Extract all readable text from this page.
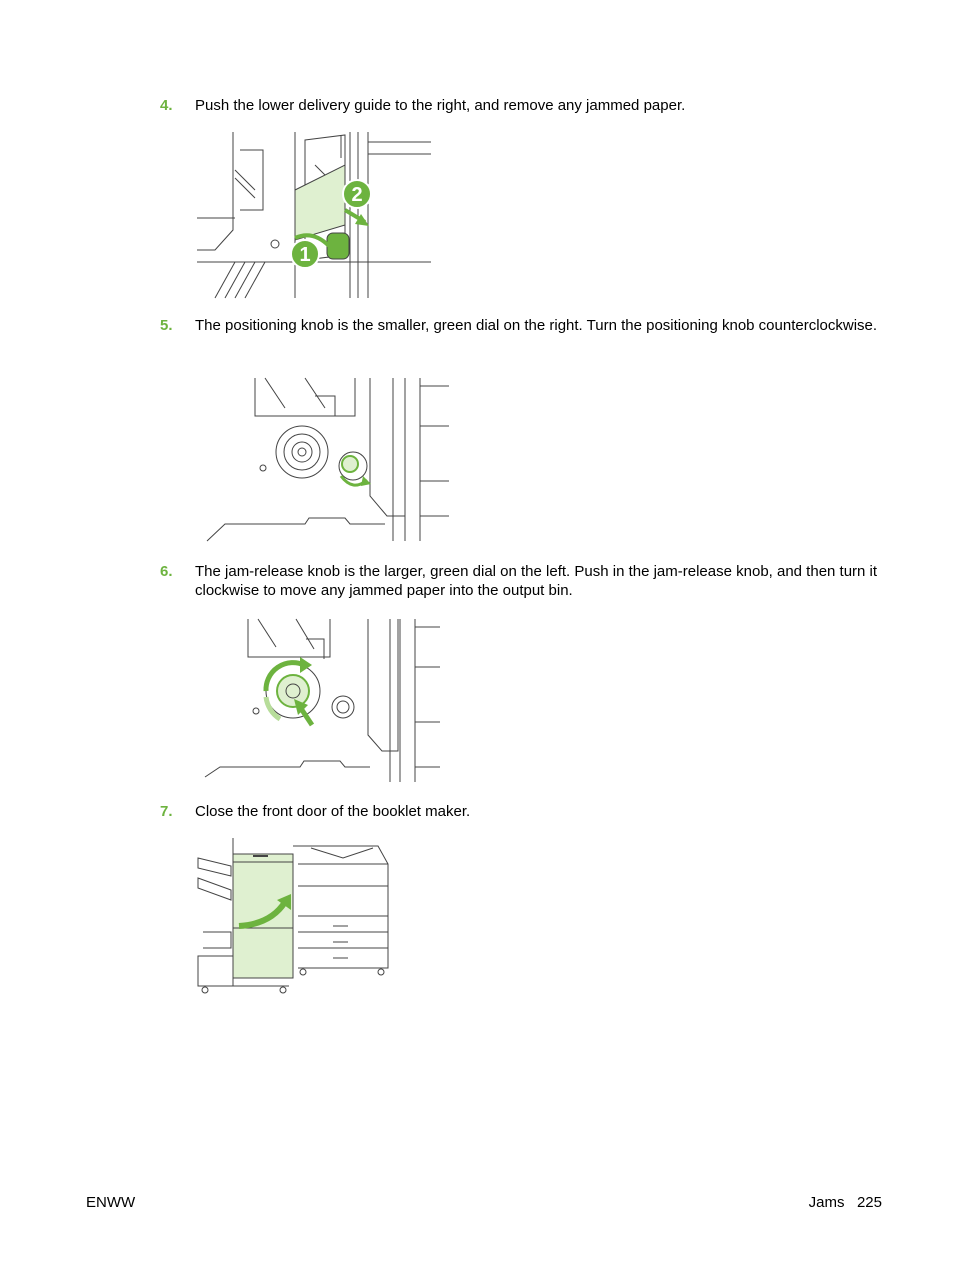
4. Push the lower delivery guide to the right, and remove any jammed paper.
1
2
5. The positioning knob is the smaller, green dial on the right. Turn the positioning knob counterclockwise.
6. The jam-release knob is the larger, green dial on the left. Push in the jam-release knob, and then turn it clockwise to move any jammed paper into the output bin.
7. Close the front door of the booklet maker.
ENWW	Jams 225
